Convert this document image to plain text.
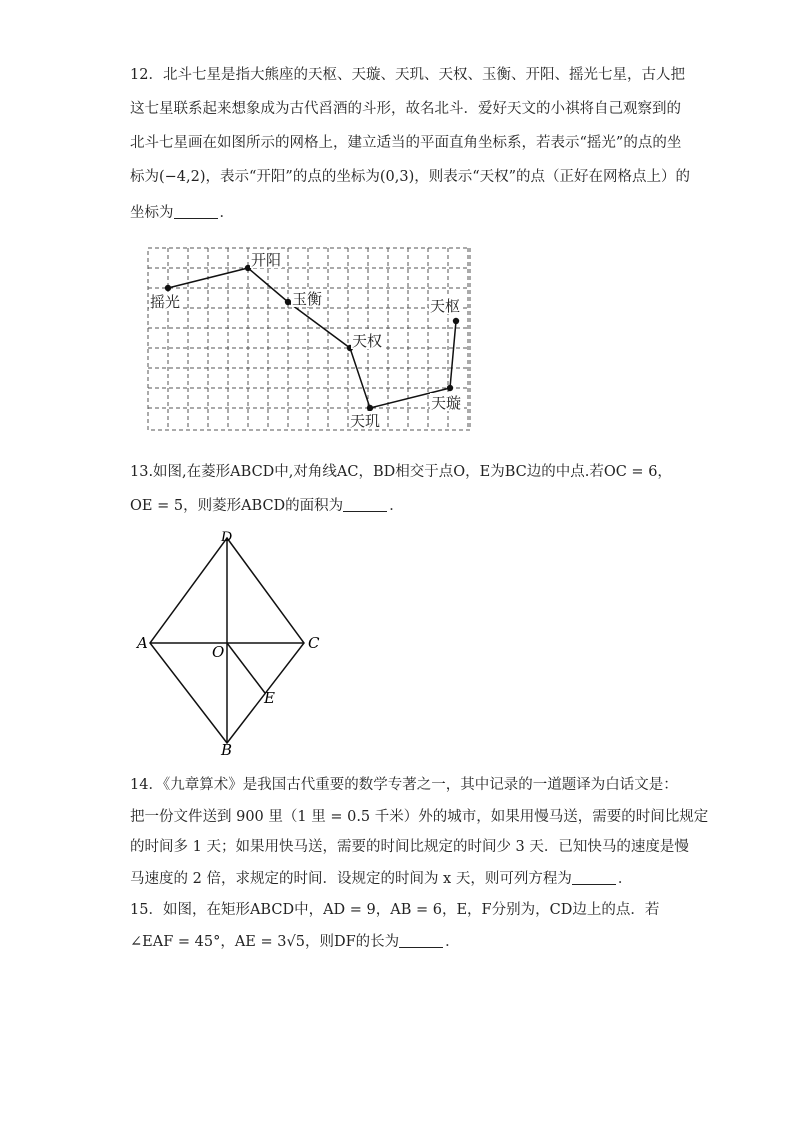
12．北斗七星是指大熊座的天枢、天璇、天玑、天权、玉衡、开阳、摇光七星，古人把

这七星联系起来想象成为古代舀酒的斗形，故名北斗．爱好天文的小祺将自己观察到的

北斗七星画在如图所示的网格上，建立适当的平面直角坐标系，若表示“摇光”的点的坐

标为(−4,2)，表示“开阳”的点的坐标为(0,3)，则表示“天权”的点（正好在网格点上）的

坐标为	．

开阳
摇光	玉衡
天权
天玑
天璇
天枢

13.如图,在菱形ABCD中,对角线AC，BD相交于点O，E为BC边的中点.若OC = 6，

OE = 5，则菱形ABCD的面积为	．

D
A	C
O
E
B

14．《九章算术》是我国古代重要的数学专著之一，其中记录的一道题译为白话文是：

把一份文件送到 900 里（1 里 = 0.5 千米）外的城市，如果用慢马送，需要的时间比规定

的时间多 1 天；如果用快马送，需要的时间比规定的时间少 3 天．已知快马的速度是慢

马速度的 2 倍，求规定的时间．设规定的时间为 x 天，则可列方程为	．

15．如图，在矩形ABCD中，AD = 9，AB = 6，E，F分别为，CD边上的点．若

∠EAF = 45°，AE = 3√5，则DF的长为	．
